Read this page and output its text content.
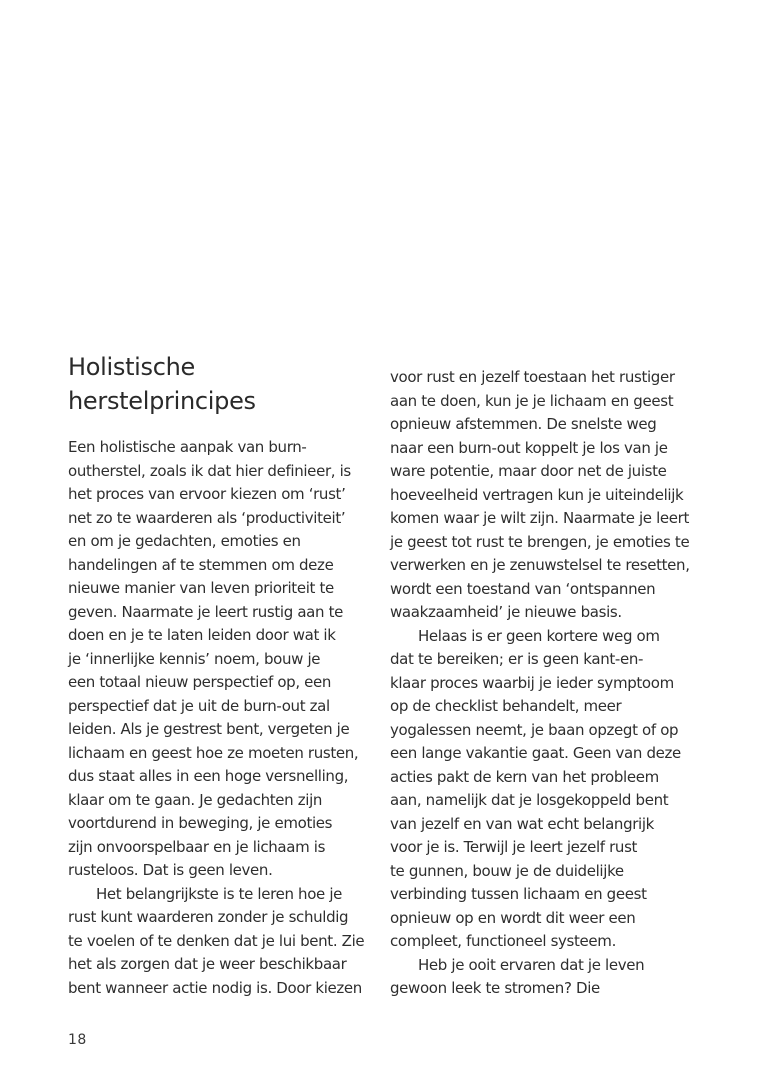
Holistische
herstelprincipes
Een holistische aanpak van burn-
outherstel, zoals ik dat hier definieer, is
het proces van ervoor kiezen om ‘rust’
net zo te waarderen als ‘productiviteit’
en om je gedachten, emoties en
handelingen af te stemmen om deze
nieuwe manier van leven prioriteit te
geven. Naarmate je leert rustig aan te
doen en je te laten leiden door wat ik
je ‘innerlijke kennis’ noem, bouw je
een totaal nieuw perspectief op, een
perspectief dat je uit de burn-out zal
leiden. Als je gestrest bent, vergeten je
lichaam en geest hoe ze moeten rusten,
dus staat alles in een hoge versnelling,
klaar om te gaan. Je gedachten zijn
voortdurend in beweging, je emoties
zijn onvoorspelbaar en je lichaam is
rusteloos. Dat is geen leven.
Het belangrijkste is te leren hoe je
rust kunt waarderen zonder je schuldig
te voelen of te denken dat je lui bent. Zie
het als zorgen dat je weer beschikbaar
bent wanneer actie nodig is. Door kiezen
voor rust en jezelf toestaan het rustiger
aan te doen, kun je je lichaam en geest
opnieuw afstemmen. De snelste weg
naar een burn-out koppelt je los van je
ware potentie, maar door net de juiste
hoeveelheid vertragen kun je uiteindelijk
komen waar je wilt zijn. Naarmate je leert
je geest tot rust te brengen, je emoties te
verwerken en je zenuwstelsel te resetten,
wordt een toestand van ‘ontspannen
waakzaamheid’ je nieuwe basis.
Helaas is er geen kortere weg om
dat te bereiken; er is geen kant-en-
klaar proces waarbij je ieder symptoom
op de checklist behandelt, meer
yogalessen neemt, je baan opzegt of op
een lange vakantie gaat. Geen van deze
acties pakt de kern van het probleem
aan, namelijk dat je losgekoppeld bent
van jezelf en van wat echt belangrijk
voor je is. Terwijl je leert jezelf rust
te gunnen, bouw je de duidelijke
verbinding tussen lichaam en geest
opnieuw op en wordt dit weer een
compleet, functioneel systeem.
Heb je ooit ervaren dat je leven
gewoon leek te stromen? Die
18
